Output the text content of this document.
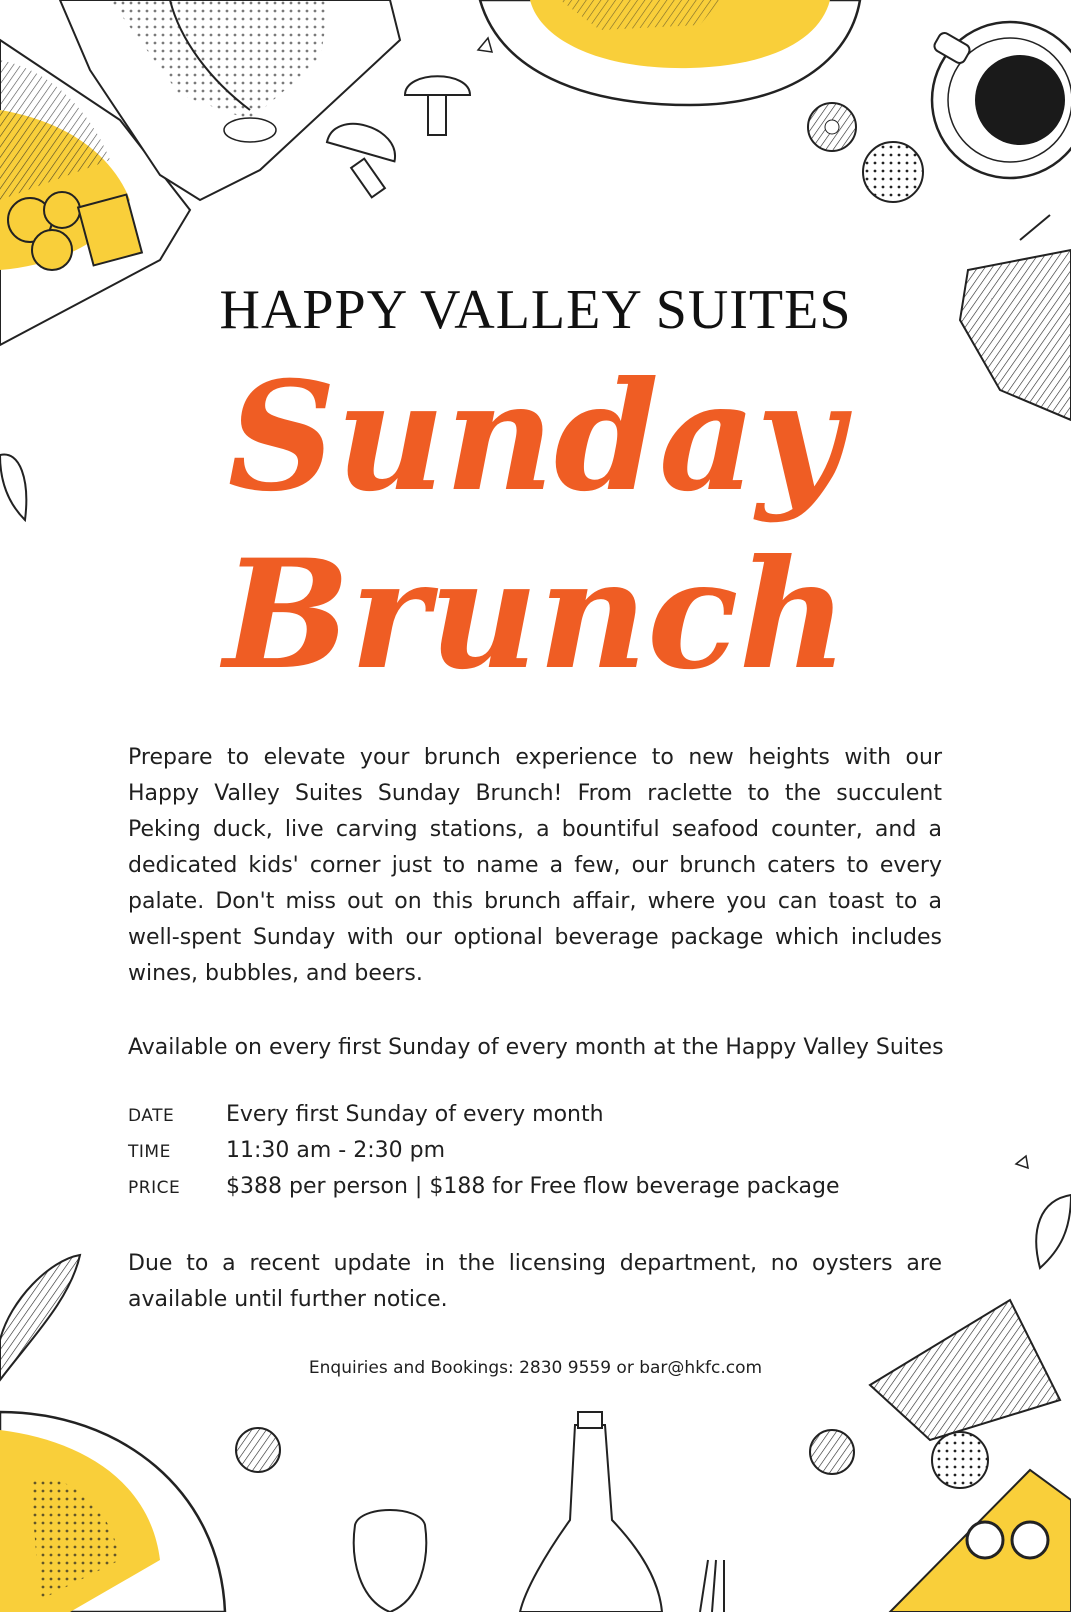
HAPPY VALLEY SUITES
Sunday
Brunch
Prepare to elevate your brunch experience to new heights with our Happy Valley Suites Sunday Brunch! From raclette to the succulent Peking duck, live carving stations, a bountiful seafood counter, and a dedicated kids' corner just to name a few, our brunch caters to every palate. Don't miss out on this brunch affair, where you can toast to a well-spent Sunday with our optional beverage package which includes wines, bubbles, and beers.
Available on every first Sunday of every month at the Happy Valley Suites
DATE	Every first Sunday of every month
TIME	11:30 am - 2:30 pm
PRICE	$388 per person | $188 for Free flow beverage package
Due to a recent update in the licensing department, no oysters are available until further notice.
Enquiries and Bookings: 2830 9559 or bar@hkfc.com
